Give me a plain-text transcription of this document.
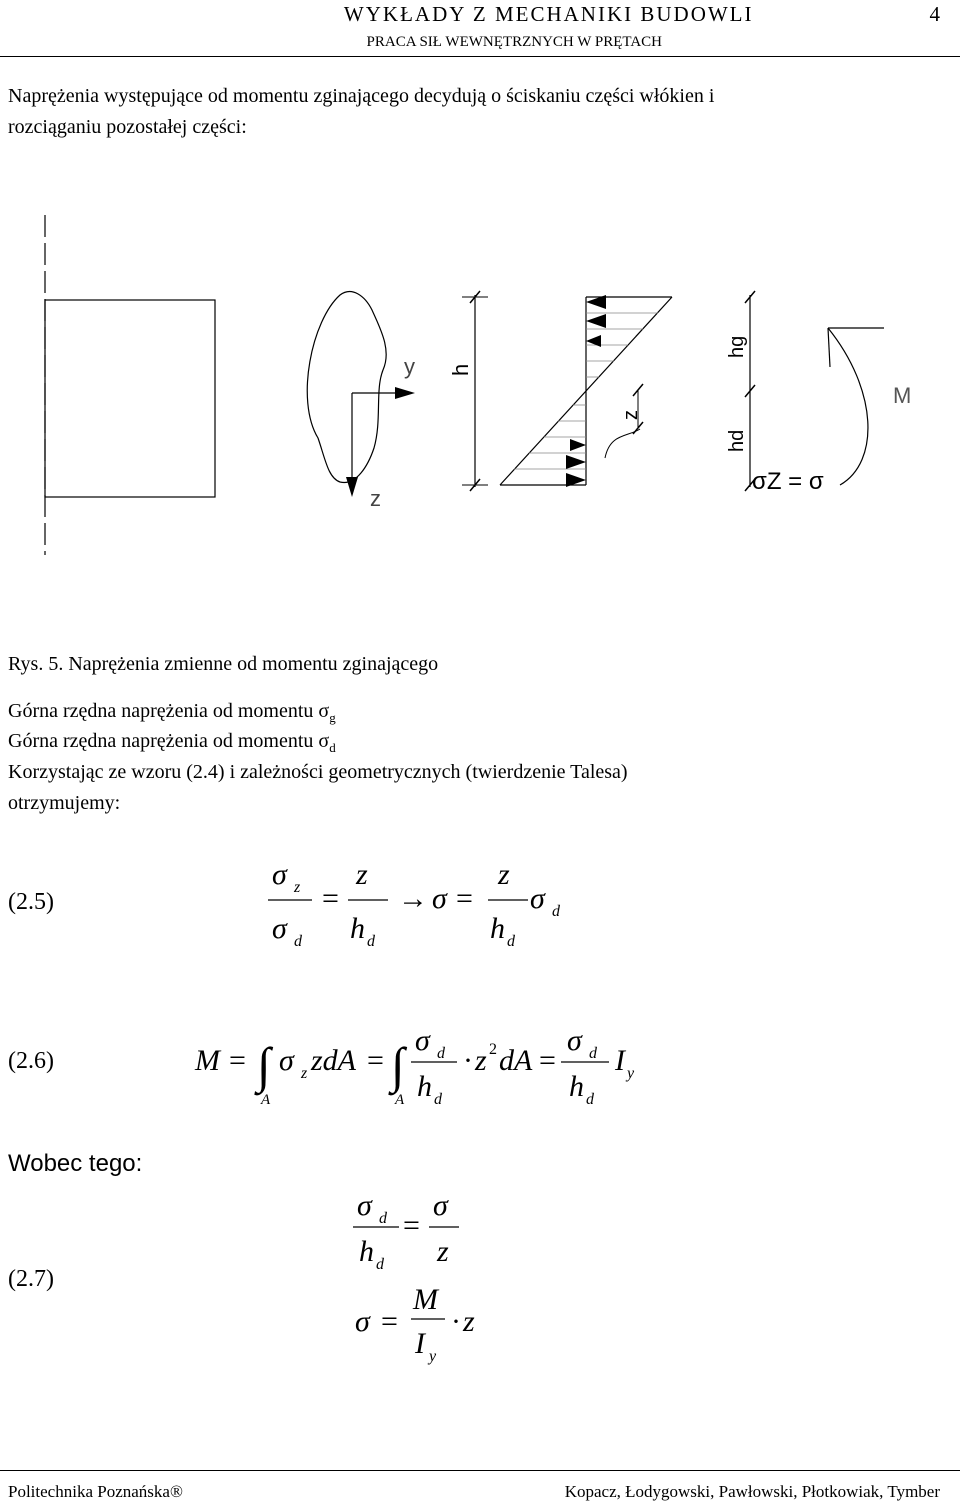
WYKŁADY Z MECHANIKI BUDOWLI	4
PRACA SIŁ WEWNĘTRZNYCH W PRĘTACH
Naprężenia występujące od momentu zginającego decydują o ściskaniu części włókien i
rozciąganiu pozostałej części:
y
z
h
z
hg
hd
M
σZ = σ
Rys. 5. Naprężenia zmienne od momentu zginającego
Górna rzędna naprężenia od momentu $\sigma_g$
Górna rzędna naprężenia od momentu $\sigma_d$
Korzystając ze wzoru (2.4) i zależności geometrycznych (twierdzenie Talesa)
otrzymujemy:
σ z
σ d
=
z
h d
→ σ =
z
h d
σ d
(2.5)
M = ∫
A
σ z zdA = ∫
A
σ d
h d
· z 2 dA =
σ d
h d
I y
(2.6)
Wobec tego:
σ d
h d
=
σ
z
σ =
M
I y
· z
(2.7)
Politechnika Poznańska®	Kopacz, Łodygowski, Pawłowski, Płotkowiak, Tymber
